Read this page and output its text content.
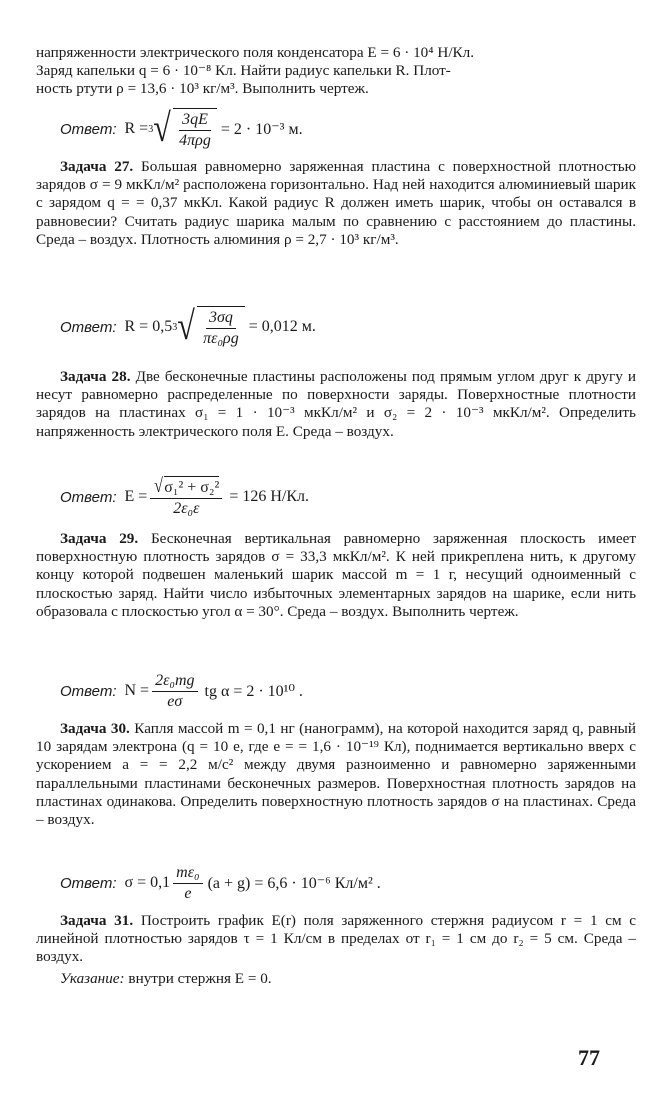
напряженности электрического поля конденсатора E = 6 · 10⁴ Н/Кл.
Заряд капельки q = 6 · 10⁻⁸ Кл. Найти радиус капельки R. Плот-
ность ртути ρ = 13,6 · 10³ кг/м³. Выполнить чертеж.
Ответ: R = 3 √ $\frac{3qE}{\text{4πρg}} = 2 \cdot 10^{-3}$ м.
Задача 27. Большая равномерно заряженная пластина с поверхностной плотностью зарядов σ = 9 мкКл/м² расположена горизонтально. Над ней находится алюминиевый шарик с зарядом q = = 0,37 мкКл. Какой радиус R должен иметь шарик, чтобы он оставался в равновесии? Считать радиус шарика малым по сравнению с расстоянием до пластины. Среда – воздух. Плотность алюминия ρ = 2,7 · 10³ кг/м³.
Ответ: R = 0,5 3 √ $\frac{3\sigma q}{\text{πε₀ρg}} = 0,012$ м.
Задача 28. Две бесконечные пластины расположены под прямым углом друг к другу и несут равномерно распределенные по поверхности заряды. Поверхностные плотности зарядов на пластинах σ₁ = 1 · 10⁻³ мкКл/м² и σ₂ = 2 · 10⁻³ мкКл/м². Определить напряженность электрического поля E. Среда – воздух.
Ответ: $E = \frac{\text{√ σ₁² + σ₂²}}{\text{2ε₀ε}} = 126$ Н/Кл.
Задача 29. Бесконечная вертикальная равномерно заряженная плоскость имеет поверхностную плотность зарядов σ = 33,3 мкКл/м². К ней прикреплена нить, к другому концу которой подвешен маленький шарик массой m = 1 г, несущий одноименный с плоскостью заряд. Найти число избыточных элементарных зарядов на шарике, если нить образовала с плоскостью угол α = 30°. Среда – воздух. Выполнить чертеж.
Ответ: $N = \frac{\text{2ε₀mg}}{e\sigma}$ tg α = 2 · 10¹⁰ .
Задача 30. Капля массой m = 0,1 нг (нанограмм), на которой находится заряд q, равный 10 зарядам электрона (q = 10 e, где e = = 1,6 · 10⁻¹⁹ Кл), поднимается вертикально вверх с ускорением a = = 2,2 м/с² между двумя разноименно и равномерно заряженными параллельными пластинами бесконечных размеров. Поверхностная плотность зарядов на пластинах одинакова. Определить поверхностную плотность зарядов σ на пластинах. Среда – воздух.
Ответ: $\sigma = 0,1 \frac{\text{mε₀}}{e} (a + g) = 6,6 \cdot 10^{-6}$ Кл/м² .
Задача 31. Построить график E(r) поля заряженного стержня радиусом r = 1 см с линейной плотностью зарядов τ = 1 Кл/см в пределах от r₁ = 1 см до r₂ = 5 см. Среда – воздух.
Указание: внутри стержня E = 0.
77
